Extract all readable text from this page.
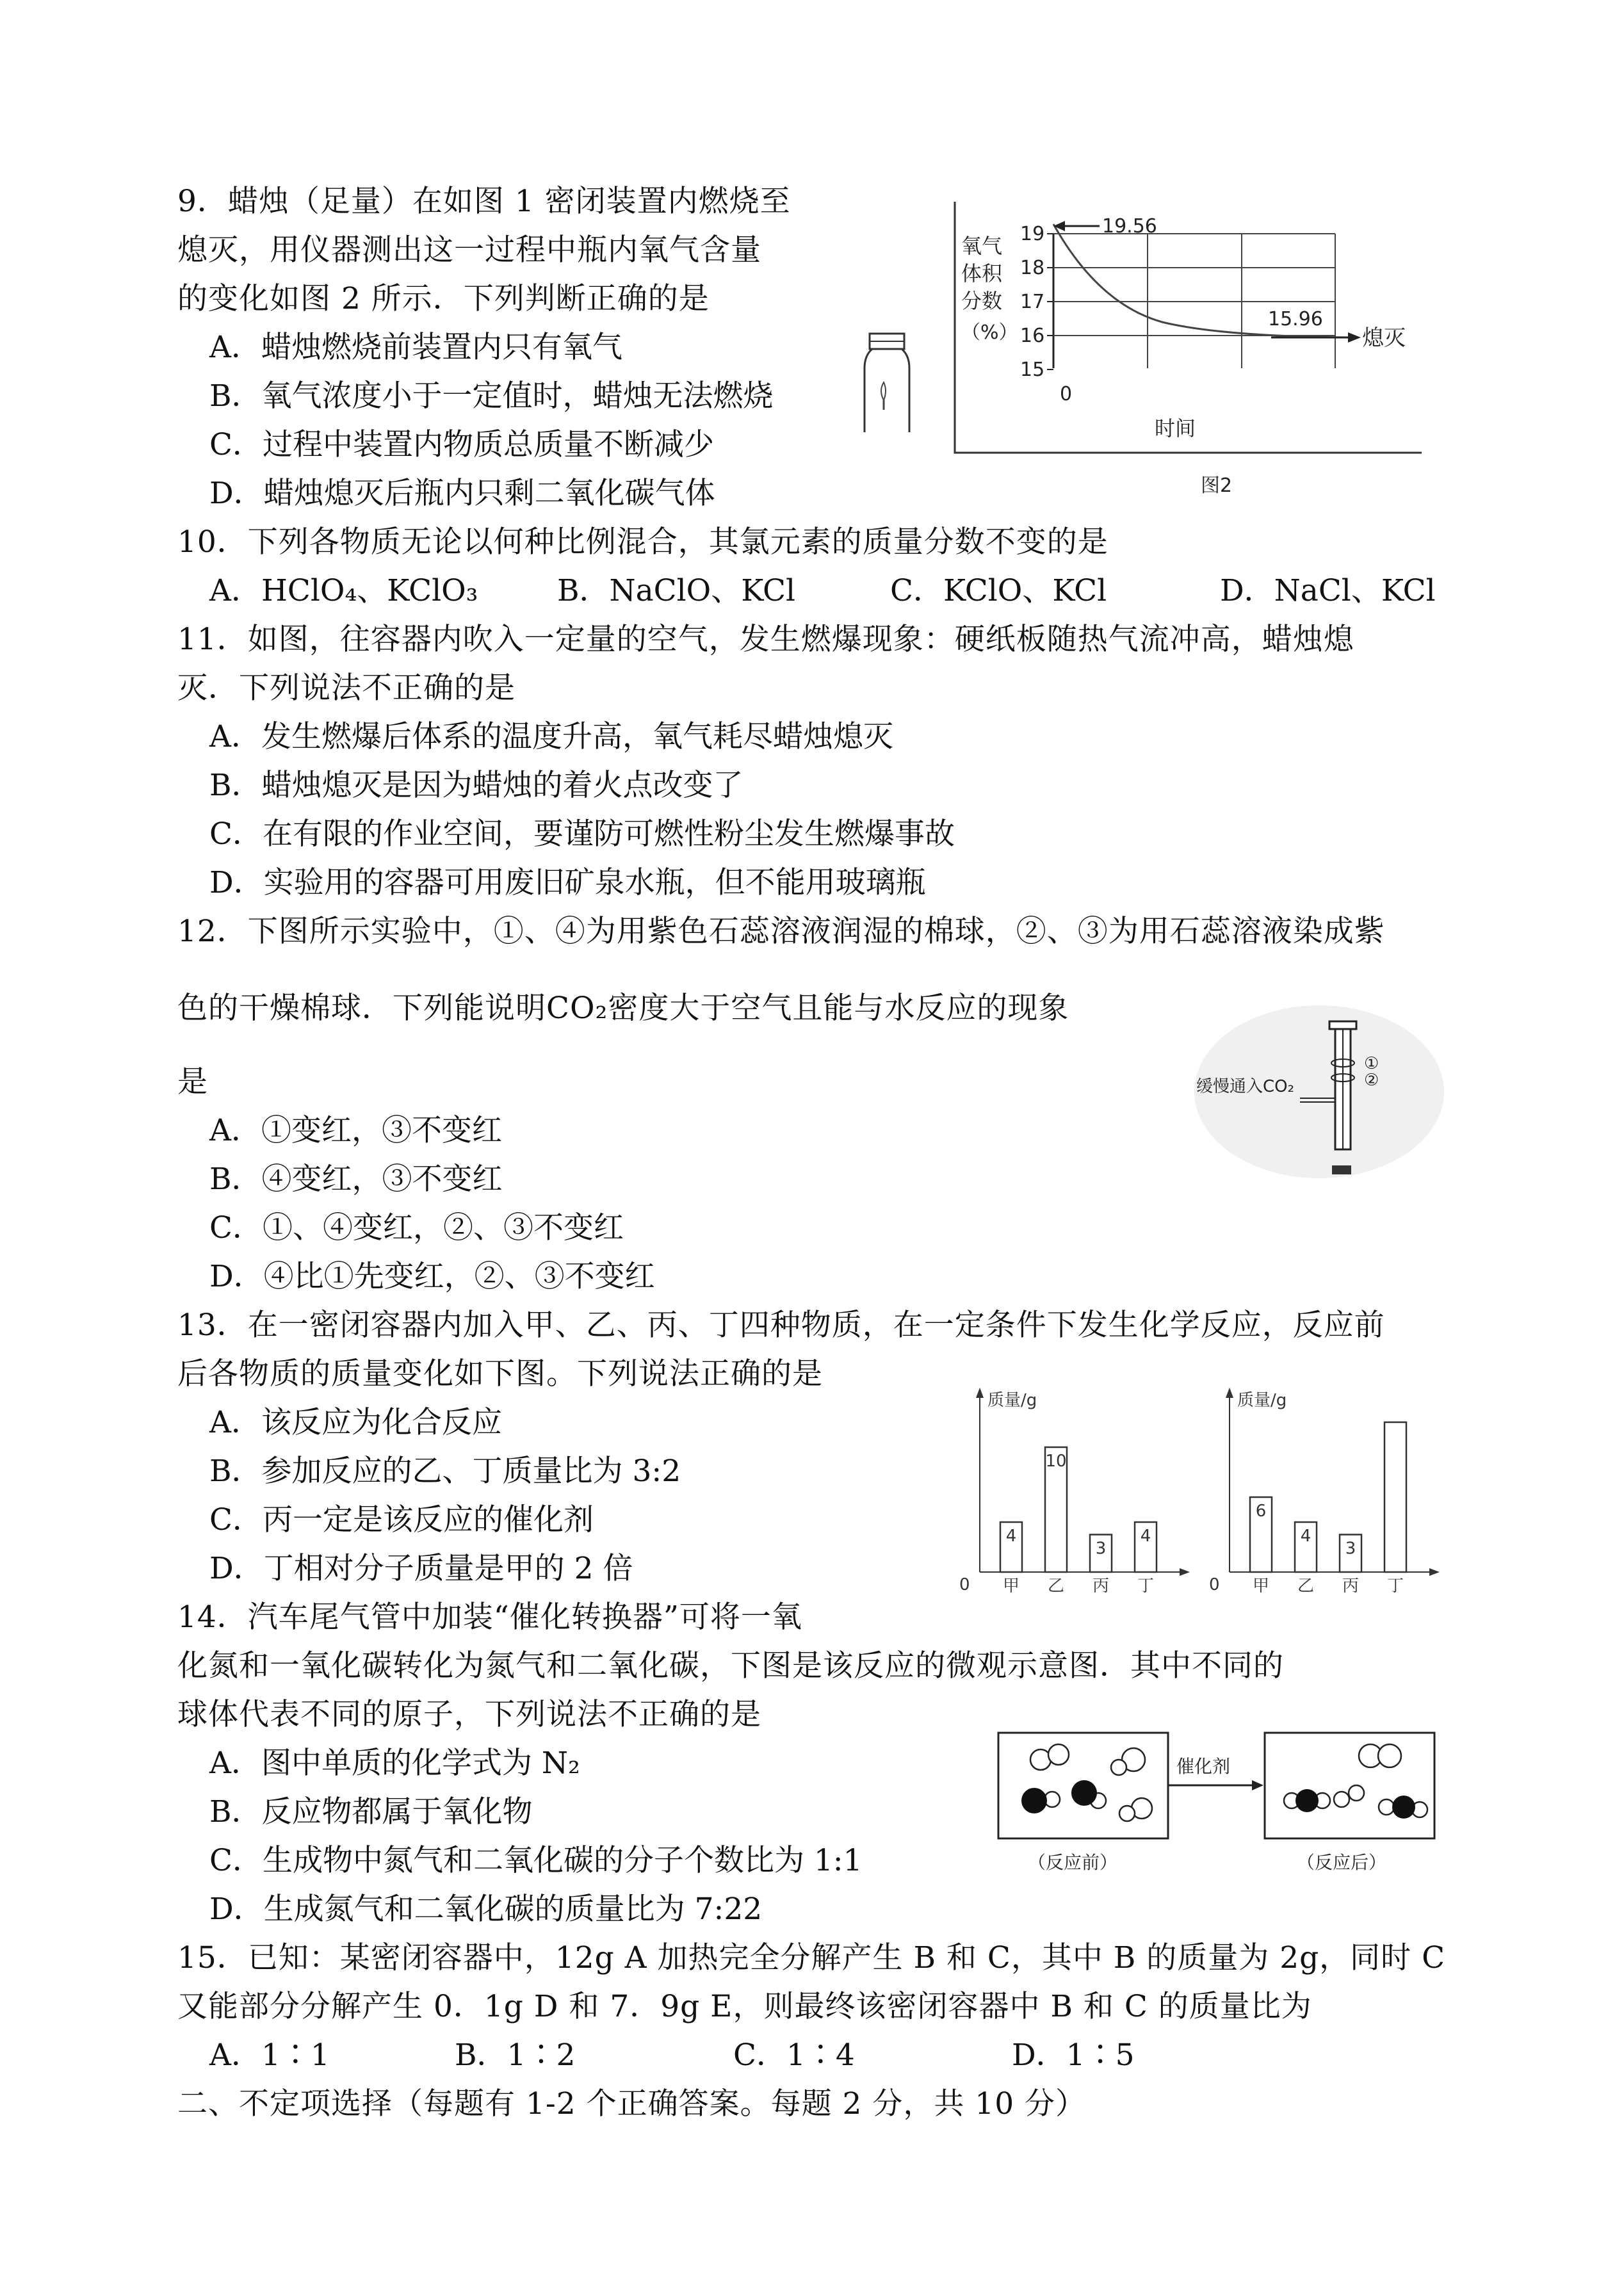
9．蜡烛（足量）在如图 1 密闭装置内燃烧至
熄灭，用仪器测出这一过程中瓶内氧气含量
的变化如图 2 所示．下列判断正确的是
A．蜡烛燃烧前装置内只有氧气
B．氧气浓度小于一定值时，蜡烛无法燃烧
C．过程中装置内物质总质量不断减少
D．蜡烛熄灭后瓶内只剩二氧化碳气体
19.56
15.96
熄灭
氧气
体积
分数
（%）
19
18
17
16
15
0
时间
图2
10．下列各物质无论以何种比例混合，其氯元素的质量分数不变的是
A．HClO₄、KClO₃	B．NaClO、KCl	C．KClO、KCl	D．NaCl、KCl
11．如图，往容器内吹入一定量的空气，发生燃爆现象：硬纸板随热气流冲高，蜡烛熄
灭．下列说法不正确的是
A．发生燃爆后体系的温度升高，氧气耗尽蜡烛熄灭
B．蜡烛熄灭是因为蜡烛的着火点改变了
C．在有限的作业空间，要谨防可燃性粉尘发生燃爆事故
D．实验用的容器可用废旧矿泉水瓶，但不能用玻璃瓶
12．下图所示实验中，①、④为用紫色石蕊溶液润湿的棉球，②、③为用石蕊溶液染成紫
色的干燥棉球．下列能说明CO₂密度大于空气且能与水反应的现象
是
A．①变红，③不变红
B．④变红，③不变红
C．①、④变红，②、③不变红
D．④比①先变红，②、③不变红
缓慢通入CO₂
①
②
13．在一密闭容器内加入甲、乙、丙、丁四种物质，在一定条件下发生化学反应，反应前
后各物质的质量变化如下图。下列说法正确的是
A．该反应为化合反应
B．参加反应的乙、丁质量比为 3:2
C．丙一定是该反应的催化剂
D．丁相对分子质量是甲的 2 倍
质量/g
0
4
甲
10
乙
3
丙
4
丁
质量/g
0
6
甲
4
乙
3
丙 丁
14．汽车尾气管中加装“催化转换器”可将一氧
化氮和一氧化碳转化为氮气和二氧化碳，下图是该反应的微观示意图．其中不同的
球体代表不同的原子，下列说法不正确的是
A．图中单质的化学式为 N₂
B．反应物都属于氧化物
C．生成物中氮气和二氧化碳的分子个数比为 1:1
D．生成氮气和二氧化碳的质量比为 7:22
催化剂
（反应前）	（反应后）
15．已知：某密闭容器中，12g A 加热完全分解产生 B 和 C，其中 B 的质量为 2g，同时 C
又能部分分解产生 0．1g D 和 7．9g E，则最终该密闭容器中 B 和 C 的质量比为
A．1∶1	B．1∶2	C．1∶4	D．1∶5
二、不定项选择（每题有 1-2 个正确答案。每题 2 分，共 10 分）
